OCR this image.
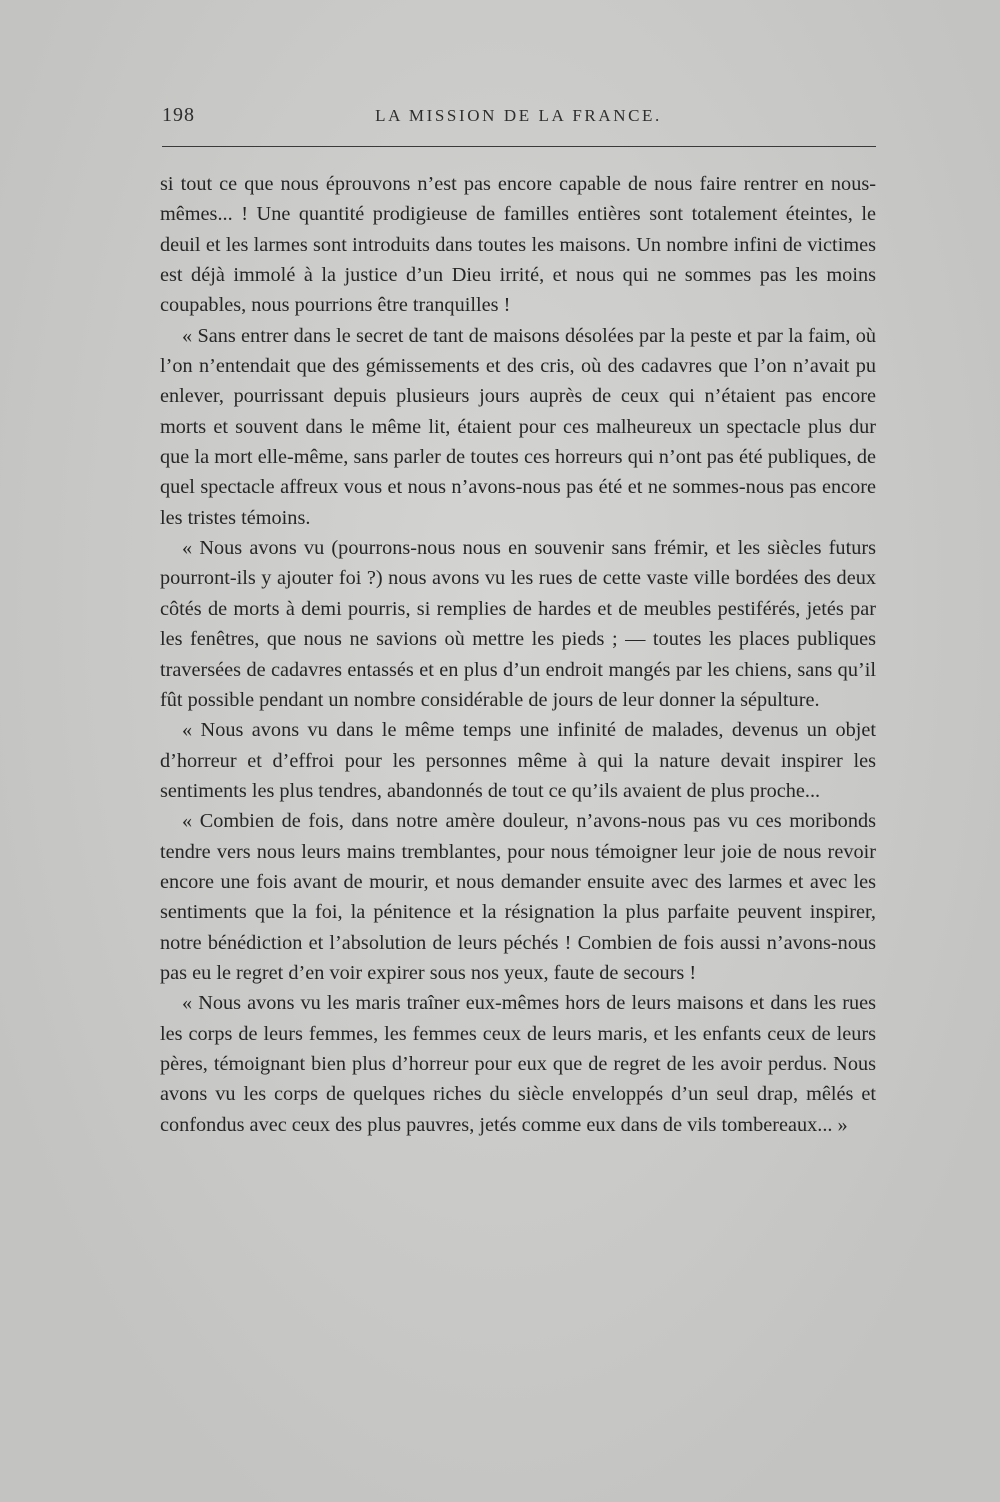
198	LA MISSION DE LA FRANCE.

si tout ce que nous éprouvons n’est pas encore capable de nous faire rentrer en nous-mêmes... ! Une quantité prodigieuse de familles entières sont totalement éteintes, le deuil et les larmes sont introduits dans toutes les maisons. Un nombre infini de victimes est déjà immolé à la justice d’un Dieu irrité, et nous qui ne sommes pas les moins coupables, nous pourrions être tranquilles !

« Sans entrer dans le secret de tant de maisons désolées par la peste et par la faim, où l’on n’entendait que des gémissements et des cris, où des cadavres que l’on n’avait pu enlever, pourrissant depuis plusieurs jours auprès de ceux qui n’étaient pas encore morts et souvent dans le même lit, étaient pour ces malheureux un spectacle plus dur que la mort elle-même, sans parler de toutes ces horreurs qui n’ont pas été publiques, de quel spectacle affreux vous et nous n’avons-nous pas été et ne sommes-nous pas encore les tristes témoins.

« Nous avons vu (pourrons-nous nous en souvenir sans frémir, et les siècles futurs pourront-ils y ajouter foi ?) nous avons vu les rues de cette vaste ville bordées des deux côtés de morts à demi pourris, si remplies de hardes et de meubles pestiférés, jetés par les fenêtres, que nous ne savions où mettre les pieds ; — toutes les places publiques traversées de cadavres entassés et en plus d’un endroit mangés par les chiens, sans qu’il fût possible pendant un nombre considérable de jours de leur donner la sépulture.

« Nous avons vu dans le même temps une infinité de malades, devenus un objet d’horreur et d’effroi pour les personnes même à qui la nature devait inspirer les sentiments les plus tendres, abandonnés de tout ce qu’ils avaient de plus proche...

« Combien de fois, dans notre amère douleur, n’avons-nous pas vu ces moribonds tendre vers nous leurs mains tremblantes, pour nous témoigner leur joie de nous revoir encore une fois avant de mourir, et nous demander ensuite avec des larmes et avec les sentiments que la foi, la pénitence et la résignation la plus parfaite peuvent inspirer, notre bénédiction et l’absolution de leurs péchés ! Combien de fois aussi n’avons-nous pas eu le regret d’en voir expirer sous nos yeux, faute de secours !

« Nous avons vu les maris traîner eux-mêmes hors de leurs maisons et dans les rues les corps de leurs femmes, les femmes ceux de leurs maris, et les enfants ceux de leurs pères, témoignant bien plus d’horreur pour eux que de regret de les avoir perdus. Nous avons vu les corps de quelques riches du siècle enveloppés d’un seul drap, mêlés et confondus avec ceux des plus pauvres, jetés comme eux dans de vils tombereaux... »
